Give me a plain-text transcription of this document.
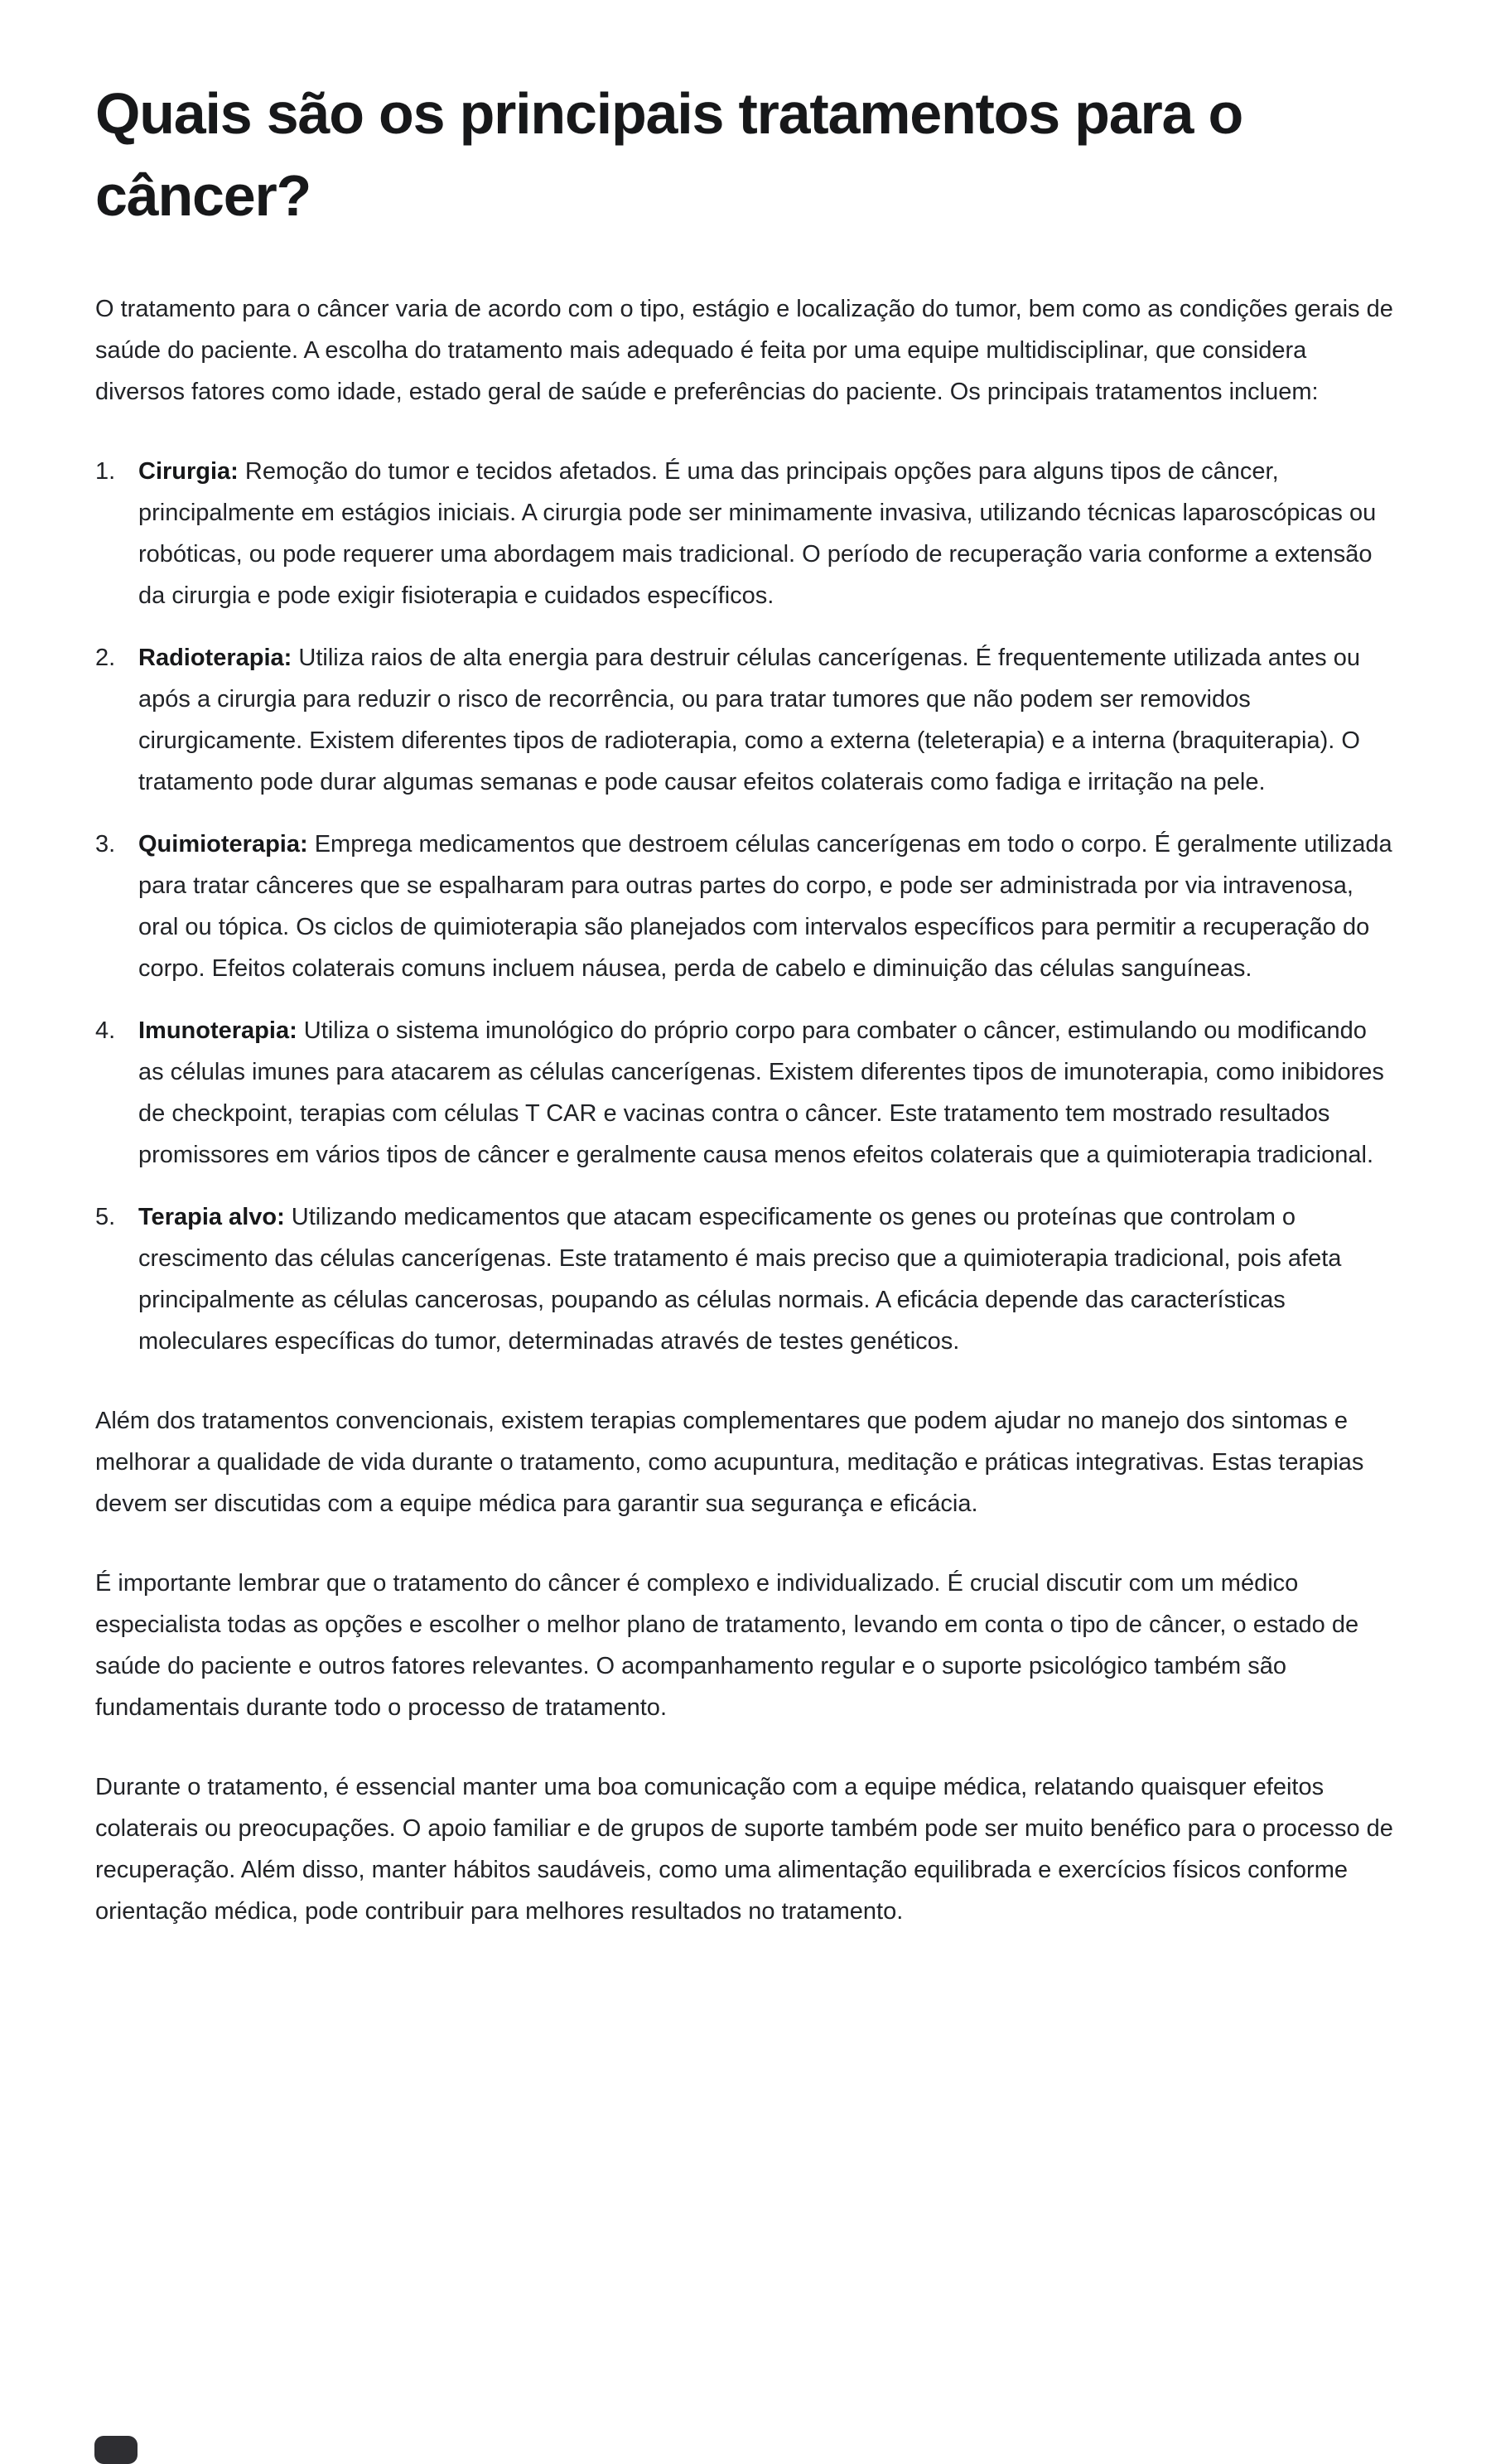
Quais são os principais tratamentos para o câncer?

O tratamento para o câncer varia de acordo com o tipo, estágio e localização do tumor, bem como as condições gerais de saúde do paciente. A escolha do tratamento mais adequado é feita por uma equipe multidisciplinar, que considera diversos fatores como idade, estado geral de saúde e preferências do paciente. Os principais tratamentos incluem:

1. Cirurgia: Remoção do tumor e tecidos afetados. É uma das principais opções para alguns tipos de câncer, principalmente em estágios iniciais. A cirurgia pode ser minimamente invasiva, utilizando técnicas laparoscópicas ou robóticas, ou pode requerer uma abordagem mais tradicional. O período de recuperação varia conforme a extensão da cirurgia e pode exigir fisioterapia e cuidados específicos.
2. Radioterapia: Utiliza raios de alta energia para destruir células cancerígenas. É frequentemente utilizada antes ou após a cirurgia para reduzir o risco de recorrência, ou para tratar tumores que não podem ser removidos cirurgicamente. Existem diferentes tipos de radioterapia, como a externa (teleterapia) e a interna (braquiterapia). O tratamento pode durar algumas semanas e pode causar efeitos colaterais como fadiga e irritação na pele.
3. Quimioterapia: Emprega medicamentos que destroem células cancerígenas em todo o corpo. É geralmente utilizada para tratar cânceres que se espalharam para outras partes do corpo, e pode ser administrada por via intravenosa, oral ou tópica. Os ciclos de quimioterapia são planejados com intervalos específicos para permitir a recuperação do corpo. Efeitos colaterais comuns incluem náusea, perda de cabelo e diminuição das células sanguíneas.
4. Imunoterapia: Utiliza o sistema imunológico do próprio corpo para combater o câncer, estimulando ou modificando as células imunes para atacarem as células cancerígenas. Existem diferentes tipos de imunoterapia, como inibidores de checkpoint, terapias com células T CAR e vacinas contra o câncer. Este tratamento tem mostrado resultados promissores em vários tipos de câncer e geralmente causa menos efeitos colaterais que a quimioterapia tradicional.
5. Terapia alvo: Utilizando medicamentos que atacam especificamente os genes ou proteínas que controlam o crescimento das células cancerígenas. Este tratamento é mais preciso que a quimioterapia tradicional, pois afeta principalmente as células cancerosas, poupando as células normais. A eficácia depende das características moleculares específicas do tumor, determinadas através de testes genéticos.

Além dos tratamentos convencionais, existem terapias complementares que podem ajudar no manejo dos sintomas e melhorar a qualidade de vida durante o tratamento, como acupuntura, meditação e práticas integrativas. Estas terapias devem ser discutidas com a equipe médica para garantir sua segurança e eficácia.

É importante lembrar que o tratamento do câncer é complexo e individualizado. É crucial discutir com um médico especialista todas as opções e escolher o melhor plano de tratamento, levando em conta o tipo de câncer, o estado de saúde do paciente e outros fatores relevantes. O acompanhamento regular e o suporte psicológico também são fundamentais durante todo o processo de tratamento.

Durante o tratamento, é essencial manter uma boa comunicação com a equipe médica, relatando quaisquer efeitos colaterais ou preocupações. O apoio familiar e de grupos de suporte também pode ser muito benéfico para o processo de recuperação. Além disso, manter hábitos saudáveis, como uma alimentação equilibrada e exercícios físicos conforme orientação médica, pode contribuir para melhores resultados no tratamento.
